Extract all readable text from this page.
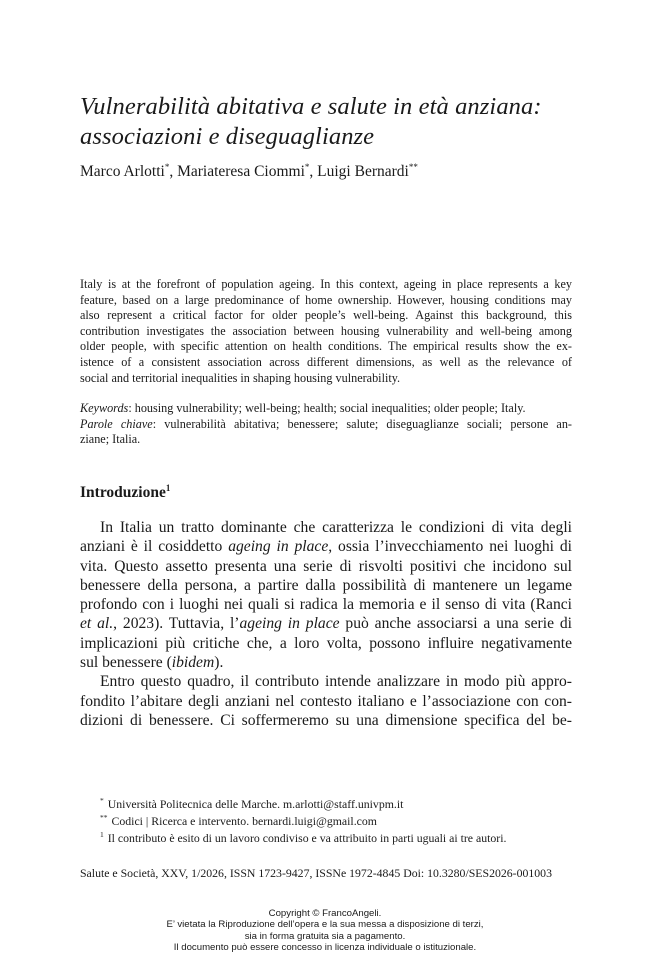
Vulnerabilità abitativa e salute in età anziana:
associazioni e diseguaglianze
Marco Arlotti*, Mariateresa Ciommi*, Luigi Bernardi**
Italy is at the forefront of population ageing. In this context, ageing in place represents a key
feature, based on a large predominance of home ownership. However, housing conditions may
also represent a critical factor for older people’s well-being. Against this background, this
contribution investigates the association between housing vulnerability and well-being among
older people, with specific attention on health conditions. The empirical results show the ex-
istence of a consistent association across different dimensions, as well as the relevance of
social and territorial inequalities in shaping housing vulnerability.
Keywords: housing vulnerability; well-being; health; social inequalities; older people; Italy.
Parole chiave: vulnerabilità abitativa; benessere; salute; diseguaglianze sociali; persone an-
ziane; Italia.
Introduzione$^1$
In Italia un tratto dominante che caratterizza le condizioni di vita degli
anziani è il cosiddetto ageing in place, ossia l’invecchiamento nei luoghi di
vita. Questo assetto presenta una serie di risvolti positivi che incidono sul
benessere della persona, a partire dalla possibilità di mantenere un legame
profondo con i luoghi nei quali si radica la memoria e il senso di vita (Ranci
et al., 2023). Tuttavia, l’ageing in place può anche associarsi a una serie di
implicazioni più critiche che, a loro volta, possono influire negativamente
sul benessere (ibidem).
Entro questo quadro, il contributo intende analizzare in modo più appro-
fondito l’abitare degli anziani nel contesto italiano e l’associazione con con-
dizioni di benessere. Ci soffermeremo su una dimensione specifica del be-
* Università Politecnica delle Marche. m.arlotti@staff.univpm.it
** Codici | Ricerca e intervento. bernardi.luigi@gmail.com
$^1$ Il contributo è esito di un lavoro condiviso e va attribuito in parti uguali ai tre autori.
Salute e Società, XXV, 1/2026, ISSN 1723-9427, ISSNe 1972-4845 Doi: 10.3280/SES2026-001003
Copyright © FrancoAngeli.
E’ vietata la Riproduzione dell’opera e la sua messa a disposizione di terzi,
sia in forma gratuita sia a pagamento.
Il documento può essere concesso in licenza individuale o istituzionale.
